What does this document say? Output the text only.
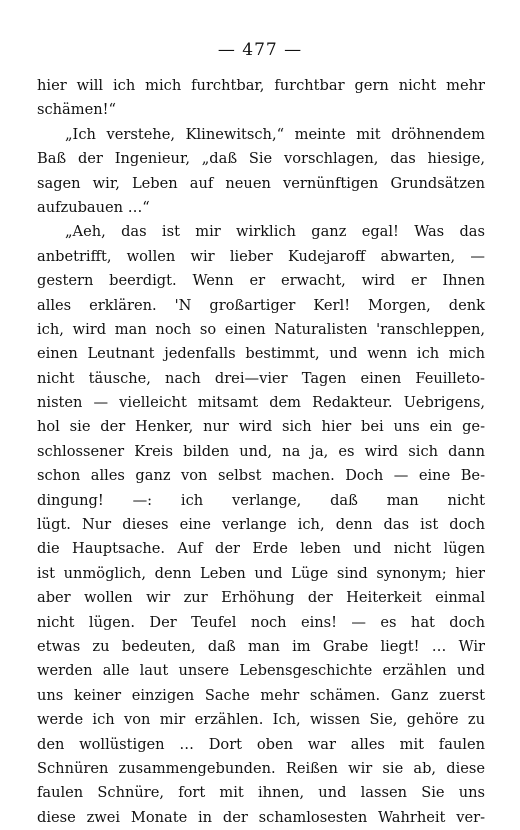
— 477 —
hier will ich mich furchtbar, furchtbar gern nicht mehr
schämen!“
„Ich verstehe, Klinewitsch,“ meinte mit dröhnendem
Baß der Ingenieur, „daß Sie vorschlagen, das hiesige,
sagen wir, Leben auf neuen vernünftigen Grundsätzen
aufzubauen …“
„Aeh, das ist mir wirklich ganz egal! Was das
anbetrifft, wollen wir lieber Kudejaroff abwarten, —
gestern beerdigt. Wenn er erwacht, wird er Ihnen
alles erklären. 'N großartiger Kerl! Morgen, denk
ich, wird man noch so einen Naturalisten 'ranschleppen,
einen Leutnant jedenfalls bestimmt, und wenn ich mich
nicht täusche, nach drei—vier Tagen einen Feuilleto-
nisten — vielleicht mitsamt dem Redakteur. Uebrigens,
hol sie der Henker, nur wird sich hier bei uns ein ge-
schlossener Kreis bilden und, na ja, es wird sich dann
schon alles ganz von selbst machen. Doch — eine Be-
dingung! —: ich verlange, daß man nicht
lügt. Nur dieses eine verlange ich, denn das ist doch
die Hauptsache. Auf der Erde leben und nicht lügen
ist unmöglich, denn Leben und Lüge sind synonym; hier
aber wollen wir zur Erhöhung der Heiterkeit einmal
nicht lügen. Der Teufel noch eins! — es hat doch
etwas zu bedeuten, daß man im Grabe liegt! … Wir
werden alle laut unsere Lebensgeschichte erzählen und
uns keiner einzigen Sache mehr schämen. Ganz zuerst
werde ich von mir erzählen. Ich, wissen Sie, gehöre zu
den wollüstigen … Dort oben war alles mit faulen
Schnüren zusammengebunden. Reißen wir sie ab, diese
faulen Schnüre, fort mit ihnen, und lassen Sie uns
diese zwei Monate in der schamlosesten Wahrheit ver-
